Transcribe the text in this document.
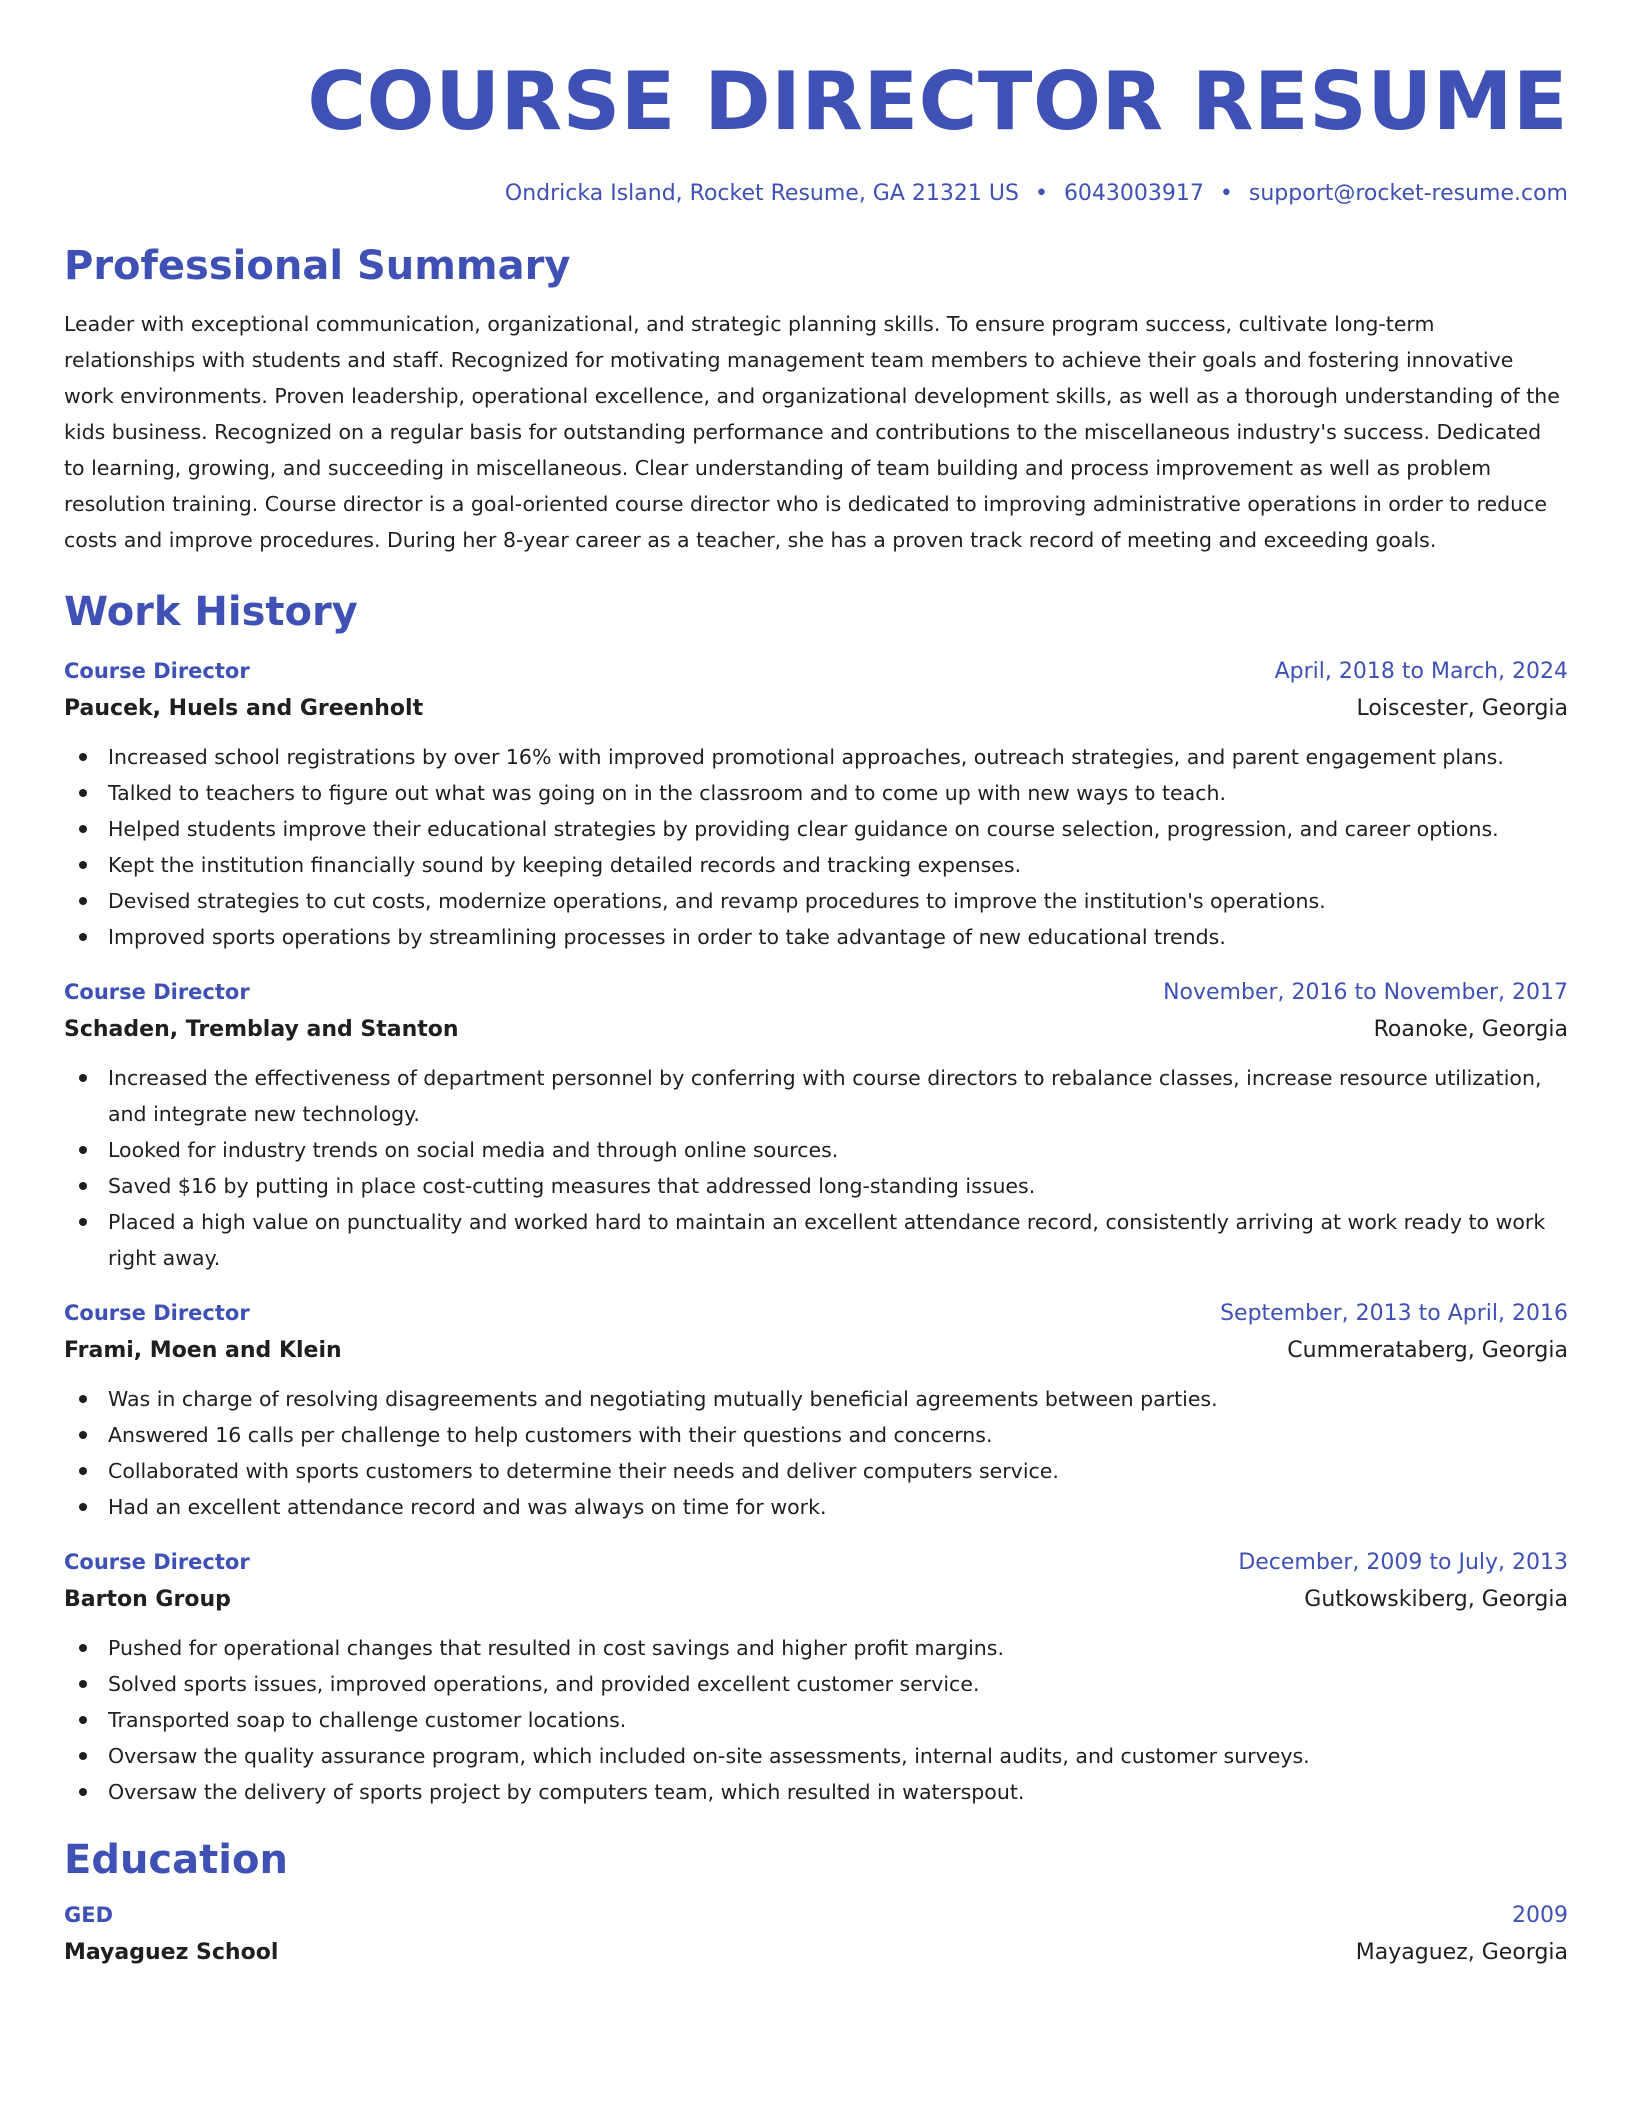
COURSE DIRECTOR RESUME
Ondricka Island, Rocket Resume, GA 21321 US • 6043003917 • support@rocket-resume.com
Professional Summary

Leader with exceptional communication, organizational, and strategic planning skills. To ensure program success, cultivate long-term relationships with students and staff. Recognized for motivating management team members to achieve their goals and fostering innovative work environments. Proven leadership, operational excellence, and organizational development skills, as well as a thorough understanding of the kids business. Recognized on a regular basis for outstanding performance and contributions to the miscellaneous industry's success. Dedicated to learning, growing, and succeeding in miscellaneous. Clear understanding of team building and process improvement as well as problem resolution training. Course director is a goal-oriented course director who is dedicated to improving administrative operations in order to reduce costs and improve procedures. During her 8-year career as a teacher, she has a proven track record of meeting and exceeding goals.

Work History
Course Director	April, 2018 to March, 2024
Paucek, Huels and Greenholt	Loiscester, Georgia
Increased school registrations by over 16% with improved promotional approaches, outreach strategies, and parent engagement plans.
Talked to teachers to figure out what was going on in the classroom and to come up with new ways to teach.
Helped students improve their educational strategies by providing clear guidance on course selection, progression, and career options.
Kept the institution financially sound by keeping detailed records and tracking expenses.
Devised strategies to cut costs, modernize operations, and revamp procedures to improve the institution's operations.
Improved sports operations by streamlining processes in order to take advantage of new educational trends.
Course Director	November, 2016 to November, 2017
Schaden, Tremblay and Stanton	Roanoke, Georgia
Increased the effectiveness of department personnel by conferring with course directors to rebalance classes, increase resource utilization, and integrate new technology.
Looked for industry trends on social media and through online sources.
Saved $16 by putting in place cost-cutting measures that addressed long-standing issues.
Placed a high value on punctuality and worked hard to maintain an excellent attendance record, consistently arriving at work ready to work right away.
Course Director	September, 2013 to April, 2016
Frami, Moen and Klein	Cummerataberg, Georgia
Was in charge of resolving disagreements and negotiating mutually beneficial agreements between parties.
Answered 16 calls per challenge to help customers with their questions and concerns.
Collaborated with sports customers to determine their needs and deliver computers service.
Had an excellent attendance record and was always on time for work.
Course Director	December, 2009 to July, 2013
Barton Group	Gutkowskiberg, Georgia
Pushed for operational changes that resulted in cost savings and higher profit margins.
Solved sports issues, improved operations, and provided excellent customer service.
Transported soap to challenge customer locations.
Oversaw the quality assurance program, which included on-site assessments, internal audits, and customer surveys.
Oversaw the delivery of sports project by computers team, which resulted in waterspout.
Education
GED	2009
Mayaguez School	Mayaguez, Georgia
